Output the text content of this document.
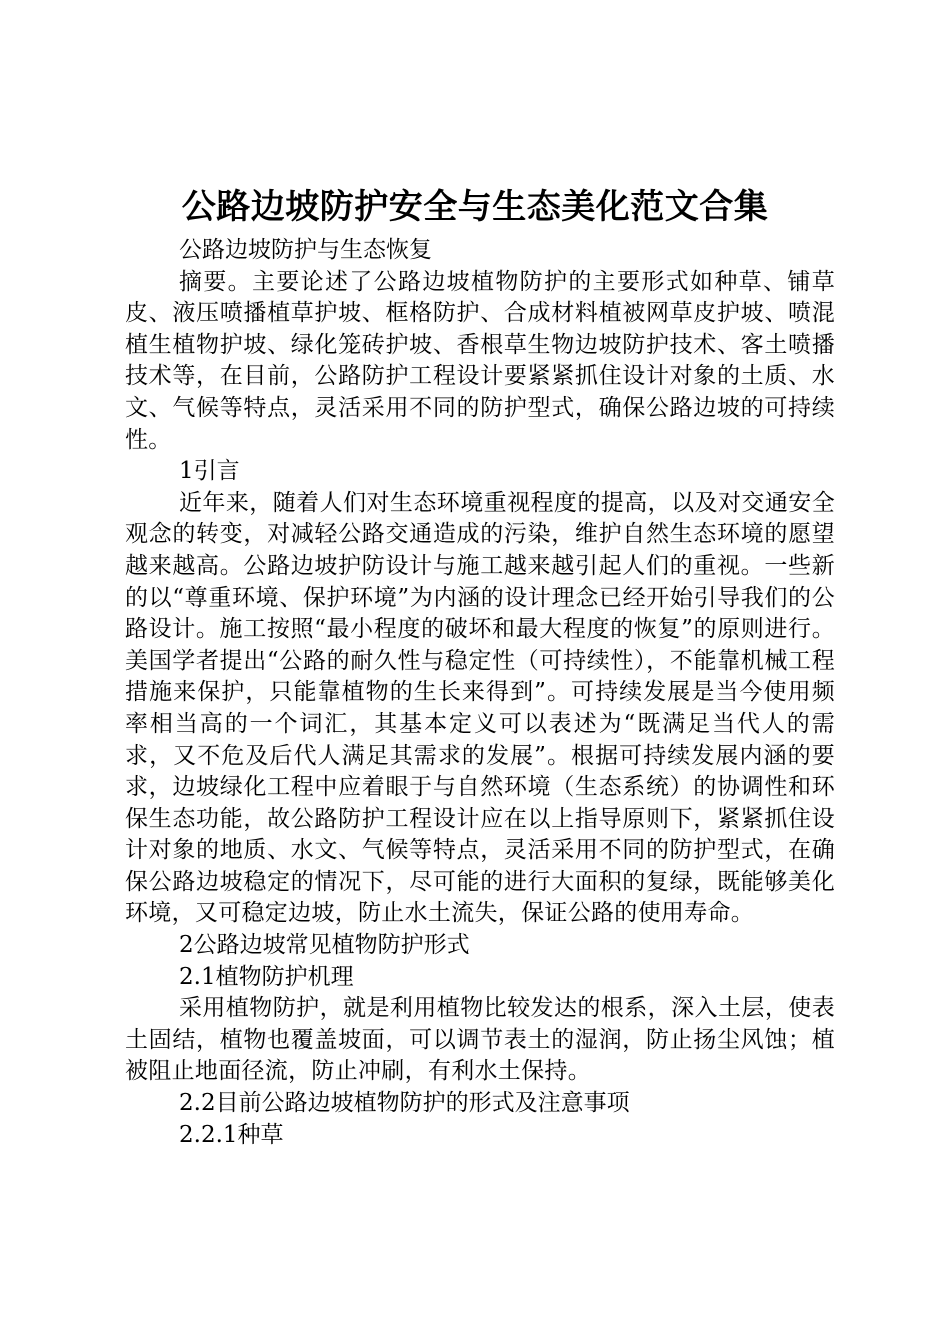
公路边坡防护安全与生态美化范文合集

公路边坡防护与生态恢复

摘要。主要论述了公路边坡植物防护的主要形式如种草、铺草皮、液压喷播植草护坡、框格防护、合成材料植被网草皮护坡、喷混植生植物护坡、绿化笼砖护坡、香根草生物边坡防护技术、客土喷播技术等，在目前，公路防护工程设计要紧紧抓住设计对象的土质、水文、气候等特点，灵活采用不同的防护型式，确保公路边坡的可持续性。

1引言

近年来，随着人们对生态环境重视程度的提高，以及对交通安全观念的转变，对减轻公路交通造成的污染，维护自然生态环境的愿望越来越高。公路边坡护防设计与施工越来越引起人们的重视。一些新的以“尊重环境、保护环境”为内涵的设计理念已经开始引导我们的公路设计。施工按照“最小程度的破坏和最大程度的恢复”的原则进行。美国学者提出“公路的耐久性与稳定性（可持续性），不能靠机械工程措施来保护，只能靠植物的生长来得到”。可持续发展是当今使用频率相当高的一个词汇，其基本定义可以表述为“既满足当代人的需求，又不危及后代人满足其需求的发展”。根据可持续发展内涵的要求，边坡绿化工程中应着眼于与自然环境（生态系统）的协调性和环保生态功能，故公路防护工程设计应在以上指导原则下，紧紧抓住设计对象的地质、水文、气候等特点，灵活采用不同的防护型式，在确保公路边坡稳定的情况下，尽可能的进行大面积的复绿，既能够美化环境，又可稳定边坡，防止水土流失，保证公路的使用寿命。

2公路边坡常见植物防护形式

2.1植物防护机理

采用植物防护，就是利用植物比较发达的根系，深入土层，使表土固结，植物也覆盖坡面，可以调节表土的湿润，防止扬尘风蚀；植被阻止地面径流，防止冲刷，有利水土保持。

2.2目前公路边坡植物防护的形式及注意事项

2.2.1种草
